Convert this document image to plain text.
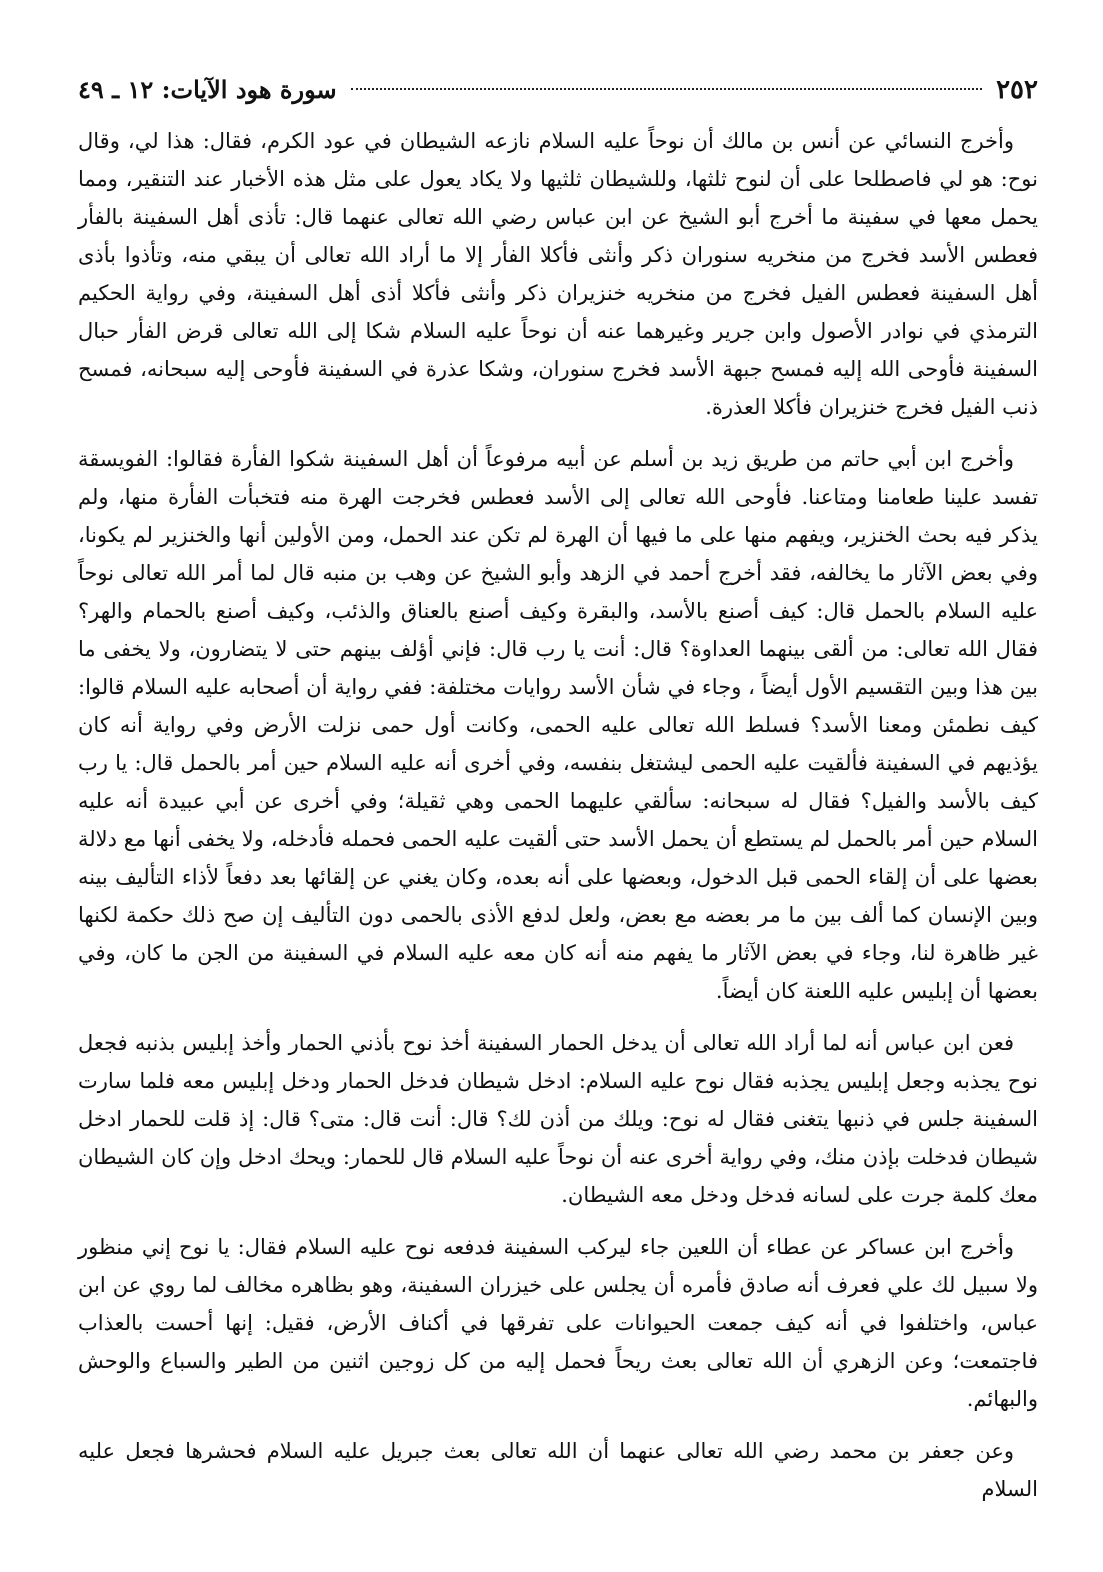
٢٥٢
سورة هود الآيات: ١٢ ـ ٤٩

وأخرج النسائي عن أنس بن مالك أن نوحاً عليه السلام نازعه الشيطان في عود الكرم، فقال: هذا لي، وقال نوح: هو لي فاصطلحا على أن لنوح ثلثها، وللشيطان ثلثيها ولا يكاد يعول على مثل هذه الأخبار عند التنقير، ومما يحمل معها في سفينة ما أخرج أبو الشيخ عن ابن عباس رضي الله تعالى عنهما قال: تأذى أهل السفينة بالفأر فعطس الأسد فخرج من منخريه سنوران ذكر وأنثى فأكلا الفأر إلا ما أراد الله تعالى أن يبقي منه، وتأذوا بأذى أهل السفينة فعطس الفيل فخرج من منخريه خنزيران ذكر وأنثى فأكلا أذى أهل السفينة، وفي رواية الحكيم الترمذي في نوادر الأصول وابن جرير وغيرهما عنه أن نوحاً عليه السلام شكا إلى الله تعالى قرض الفأر حبال السفينة فأوحى الله إليه فمسح جبهة الأسد فخرج سنوران، وشكا عذرة في السفينة فأوحى إليه سبحانه، فمسح ذنب الفيل فخرج خنزيران فأكلا العذرة.

وأخرج ابن أبي حاتم من طريق زيد بن أسلم عن أبيه مرفوعاً أن أهل السفينة شكوا الفأرة فقالوا: الفويسقة تفسد علينا طعامنا ومتاعنا. فأوحى الله تعالى إلى الأسد فعطس فخرجت الهرة منه فتخبأت الفأرة منها، ولم يذكر فيه بحث الخنزير، ويفهم منها على ما فيها أن الهرة لم تكن عند الحمل، ومن الأولين أنها والخنزير لم يكونا، وفي بعض الآثار ما يخالفه، فقد أخرج أحمد في الزهد وأبو الشيخ عن وهب بن منبه قال لما أمر الله تعالى نوحاً عليه السلام بالحمل قال: كيف أصنع بالأسد، والبقرة وكيف أصنع بالعناق والذئب، وكيف أصنع بالحمام والهر؟ فقال الله تعالى: من ألقى بينهما العداوة؟ قال: أنت يا رب قال: فإني أؤلف بينهم حتى لا يتضارون، ولا يخفى ما بين هذا وبين التقسيم الأول أيضاً ، وجاء في شأن الأسد روايات مختلفة: ففي رواية أن أصحابه عليه السلام قالوا: كيف نطمئن ومعنا الأسد؟ فسلط الله تعالى عليه الحمى، وكانت أول حمى نزلت الأرض وفي رواية أنه كان يؤذيهم في السفينة فألقيت عليه الحمى ليشتغل بنفسه، وفي أخرى أنه عليه السلام حين أمر بالحمل قال: يا رب كيف بالأسد والفيل؟ فقال له سبحانه: سألقي عليهما الحمى وهي ثقيلة؛ وفي أخرى عن أبي عبيدة أنه عليه السلام حين أمر بالحمل لم يستطع أن يحمل الأسد حتى ألقيت عليه الحمى فحمله فأدخله، ولا يخفى أنها مع دلالة بعضها على أن إلقاء الحمى قبل الدخول، وبعضها على أنه بعده، وكان يغني عن إلقائها بعد دفعاً لأذاء التأليف بينه وبين الإنسان كما ألف بين ما مر بعضه مع بعض، ولعل لدفع الأذى بالحمى دون التأليف إن صح ذلك حكمة لكنها غير ظاهرة لنا، وجاء في بعض الآثار ما يفهم منه أنه كان معه عليه السلام في السفينة من الجن ما كان، وفي بعضها أن إبليس عليه اللعنة كان أيضاً.

فعن ابن عباس أنه لما أراد الله تعالى أن يدخل الحمار السفينة أخذ نوح بأذني الحمار وأخذ إبليس بذنبه فجعل نوح يجذبه وجعل إبليس يجذبه فقال نوح عليه السلام: ادخل شيطان فدخل الحمار ودخل إبليس معه فلما سارت السفينة جلس في ذنبها يتغنى فقال له نوح: ويلك من أذن لك؟ قال: أنت قال: متى؟ قال: إذ قلت للحمار ادخل شيطان فدخلت بإذن منك، وفي رواية أخرى عنه أن نوحاً عليه السلام قال للحمار: ويحك ادخل وإن كان الشيطان معك كلمة جرت على لسانه فدخل ودخل معه الشيطان.

وأخرج ابن عساكر عن عطاء أن اللعين جاء ليركب السفينة فدفعه نوح عليه السلام فقال: يا نوح إني منظور ولا سبيل لك علي فعرف أنه صادق فأمره أن يجلس على خيزران السفينة، وهو بظاهره مخالف لما روي عن ابن عباس، واختلفوا في أنه كيف جمعت الحيوانات على تفرقها في أكناف الأرض، فقيل: إنها أحست بالعذاب فاجتمعت؛ وعن الزهري أن الله تعالى بعث ريحاً فحمل إليه من كل زوجين اثنين من الطير والسباع والوحش والبهائم.

وعن جعفر بن محمد رضي الله تعالى عنهما أن الله تعالى بعث جبريل عليه السلام فحشرها فجعل عليه السلام
